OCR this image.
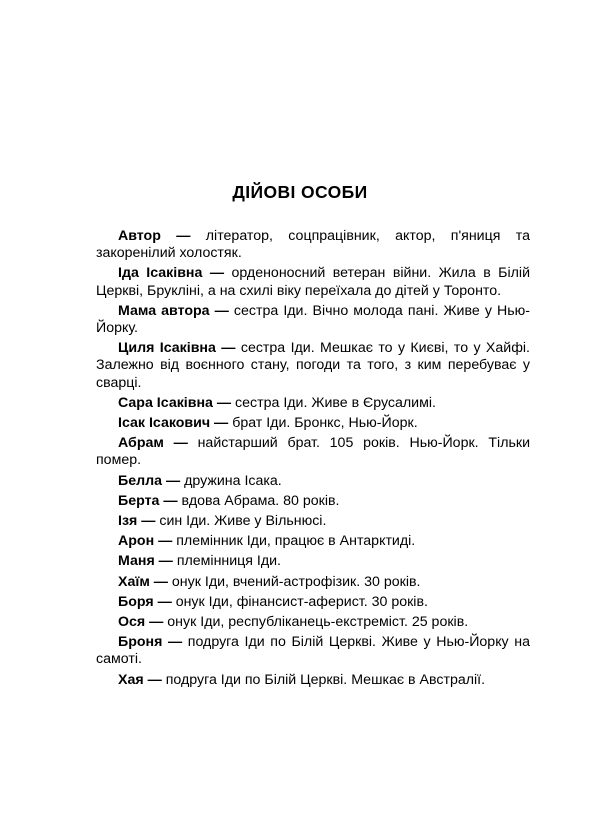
ДІЙОВІ ОСОБИ
Автор — літератор, соцпрацівник, актор, п'яниця та закоренілий холостяк.
Іда Ісаківна — орденоносний ветеран війни. Жила в Білій Церкві, Брукліні, а на схилі віку переїхала до дітей у Торонто.
Мама автора — сестра Іди. Вічно молода пані. Живе у Нью-Йорку.
Циля Ісаківна — сестра Іди. Мешкає то у Києві, то у Хайфі. Залежно від воєнного стану, погоди та того, з ким перебуває у сварці.
Сара Ісаківна — сестра Іди. Живе в Єрусалимі.
Ісак Ісакович — брат Іди. Бронкс, Нью-Йорк.
Абрам — найстарший брат. 105 років. Нью-Йорк. Тільки помер.
Белла — дружина Ісака.
Берта — вдова Абрама. 80 років.
Ізя — син Іди. Живе у Вільнюсі.
Арон — племінник Іди, працює в Антарктиді.
Маня — племінниця Іди.
Хаїм — онук Іди, вчений-астрофізик. 30 років.
Боря — онук Іди, фінансист-аферист. 30 років.
Ося — онук Іди, республіканець-екстреміст. 25 років.
Броня — подруга Іди по Білій Церкві. Живе у Нью-Йорку на самоті.
Хая — подруга Іди по Білій Церкві. Мешкає в Австралії.
